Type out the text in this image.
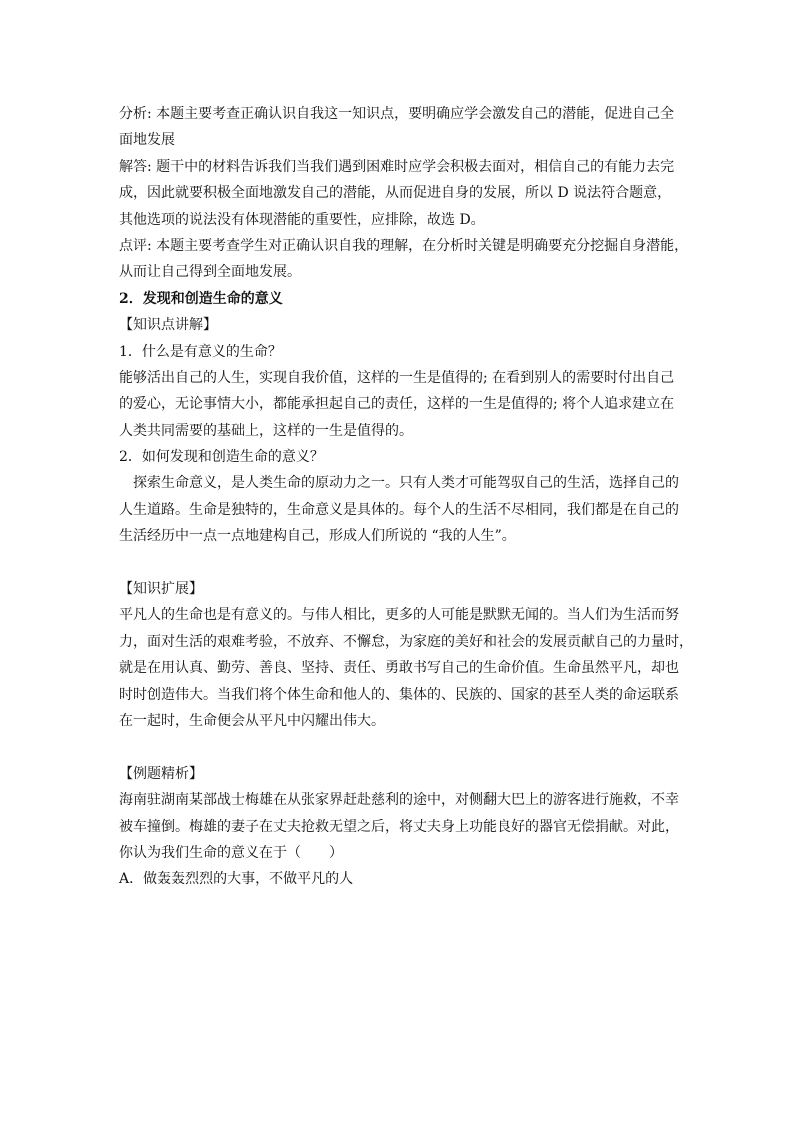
分析: 本题主要考查正确认识自我这一知识点，要明确应学会激发自己的潜能，促进自己全
面地发展
解答: 题干中的材料告诉我们当我们遇到困难时应学会积极去面对，相信自己的有能力去完
成，因此就要积极全面地激发自己的潜能，从而促进自身的发展，所以 D 说法符合题意，
其他选项的说法没有体现潜能的重要性，应排除，故选 D。
点评: 本题主要考查学生对正确认识自我的理解，在分析时关键是明确要充分挖掘自身潜能，
从而让自己得到全面地发展。
2．发现和创造生命的意义
【知识点讲解】
1．什么是有意义的生命？
能够活出自己的人生，实现自我价值，这样的一生是值得的; 在看到别人的需要时付出自己
的爱心，无论事情大小，都能承担起自己的责任，这样的一生是值得的; 将个人追求建立在
人类共同需要的基础上，这样的一生是值得的。
2．如何发现和创造生命的意义？
探索生命意义，是人类生命的原动力之一。只有人类才可能驾驭自己的生活，选择自己的
人生道路。生命是独特的，生命意义是具体的。每个人的生活不尽相同，我们都是在自己的
生活经历中一点一点地建构自己，形成人们所说的 “我的人生”。
【知识扩展】
平凡人的生命也是有意义的。与伟人相比，更多的人可能是默默无闻的。当人们为生活而努
力，面对生活的艰难考验，不放弃、不懈怠，为家庭的美好和社会的发展贡献自己的力量时，
就是在用认真、勤劳、善良、坚持、责任、勇敢书写自己的生命价值。生命虽然平凡，却也
时时创造伟大。当我们将个体生命和他人的、集体的、民族的、国家的甚至人类的命运联系
在一起时，生命便会从平凡中闪耀出伟大。
【例题精析】
海南驻湖南某部战士梅雄在从张家界赶赴慈利的途中，对侧翻大巴上的游客进行施救，不幸
被车撞倒。梅雄的妻子在丈夫抢救无望之后，将丈夫身上功能良好的器官无偿捐献。对此，
你认为我们生命的意义在于（　　）
A．做轰轰烈烈的大事，不做平凡的人
